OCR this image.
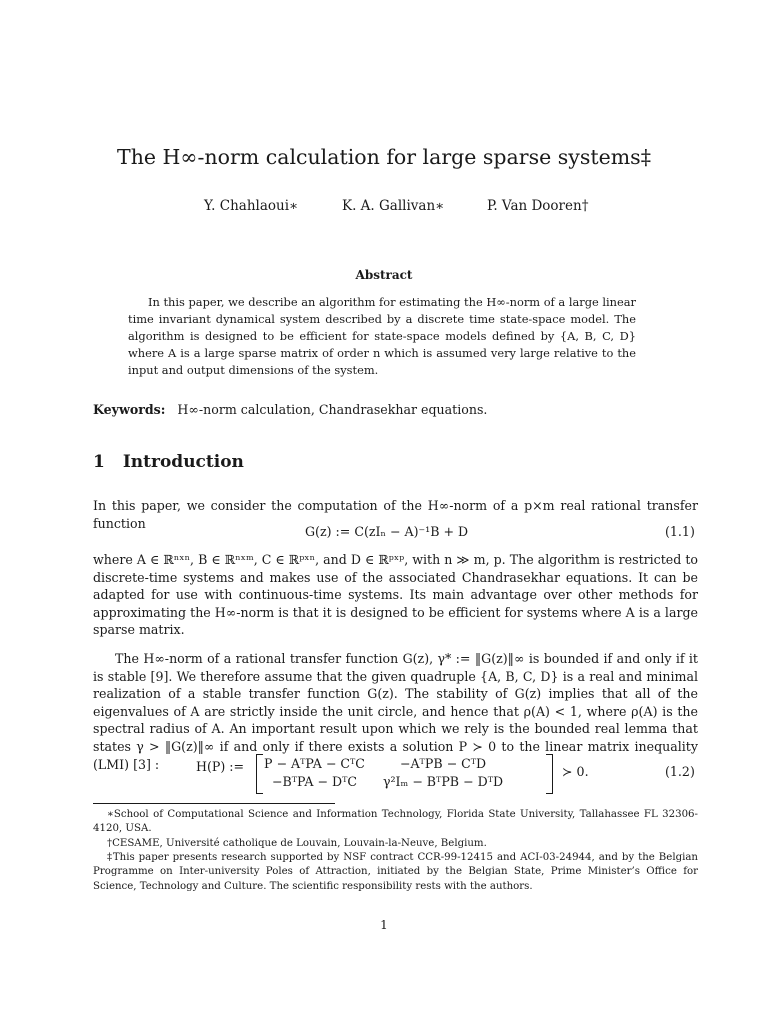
The H∞-norm calculation for large sparse systems‡
Y. Chahlaoui∗	K. A. Gallivan∗	P. Van Dooren†
Abstract
In this paper, we describe an algorithm for estimating the H∞-norm of a large linear time invariant dynamical system described by a discrete time state-space model. The algorithm is designed to be efficient for state-space models defined by {A, B, C, D} where A is a large sparse matrix of order n which is assumed very large relative to the input and output dimensions of the system.
Keywords: H∞-norm calculation, Chandrasekhar equations.
1 Introduction
In this paper, we consider the computation of the H∞-norm of a p×m real rational transfer function
G(z) := C(zIₙ − A)⁻¹B + D	(1.1)
where A ∈ ℝⁿˣⁿ, B ∈ ℝⁿˣᵐ, C ∈ ℝᵖˣⁿ, and D ∈ ℝᵖˣᵖ, with n ≫ m, p. The algorithm is restricted to discrete-time systems and makes use of the associated Chandrasekhar equations. It can be adapted for use with continuous-time systems. Its main advantage over other methods for approximating the H∞-norm is that it is designed to be efficient for systems where A is a large sparse matrix.
The H∞-norm of a rational transfer function G(z), γ* := ‖G(z)‖∞ is bounded if and only if it is stable [9]. We therefore assume that the given quadruple {A, B, C, D} is a real and minimal realization of a stable transfer function G(z). The stability of G(z) implies that all of the eigenvalues of A are strictly inside the unit circle, and hence that ρ(A) < 1, where ρ(A) is the spectral radius of A. An important result upon which we rely is the bounded real lemma that states γ > ‖G(z)‖∞ if and only if there exists a solution P ≻ 0 to the linear matrix inequality (LMI) [3] :	H(P) := P − AᵀPA − CᵀC	−AᵀPB − CᵀD
−BᵀPA − DᵀC	γ²Iₘ − BᵀPB − DᵀD
≻ 0.	(1.2)
∗School of Computational Science and Information Technology, Florida State University, Tallahassee FL 32306-4120, USA.
†CESAME, Université catholique de Louvain, Louvain-la-Neuve, Belgium.
‡This paper presents research supported by NSF contract CCR-99-12415 and ACI-03-24944, and by the Belgian Programme on Inter-university Poles of Attraction, initiated by the Belgian State, Prime Minister’s Office for Science, Technology and Culture. The scientific responsibility rests with the authors.
1
